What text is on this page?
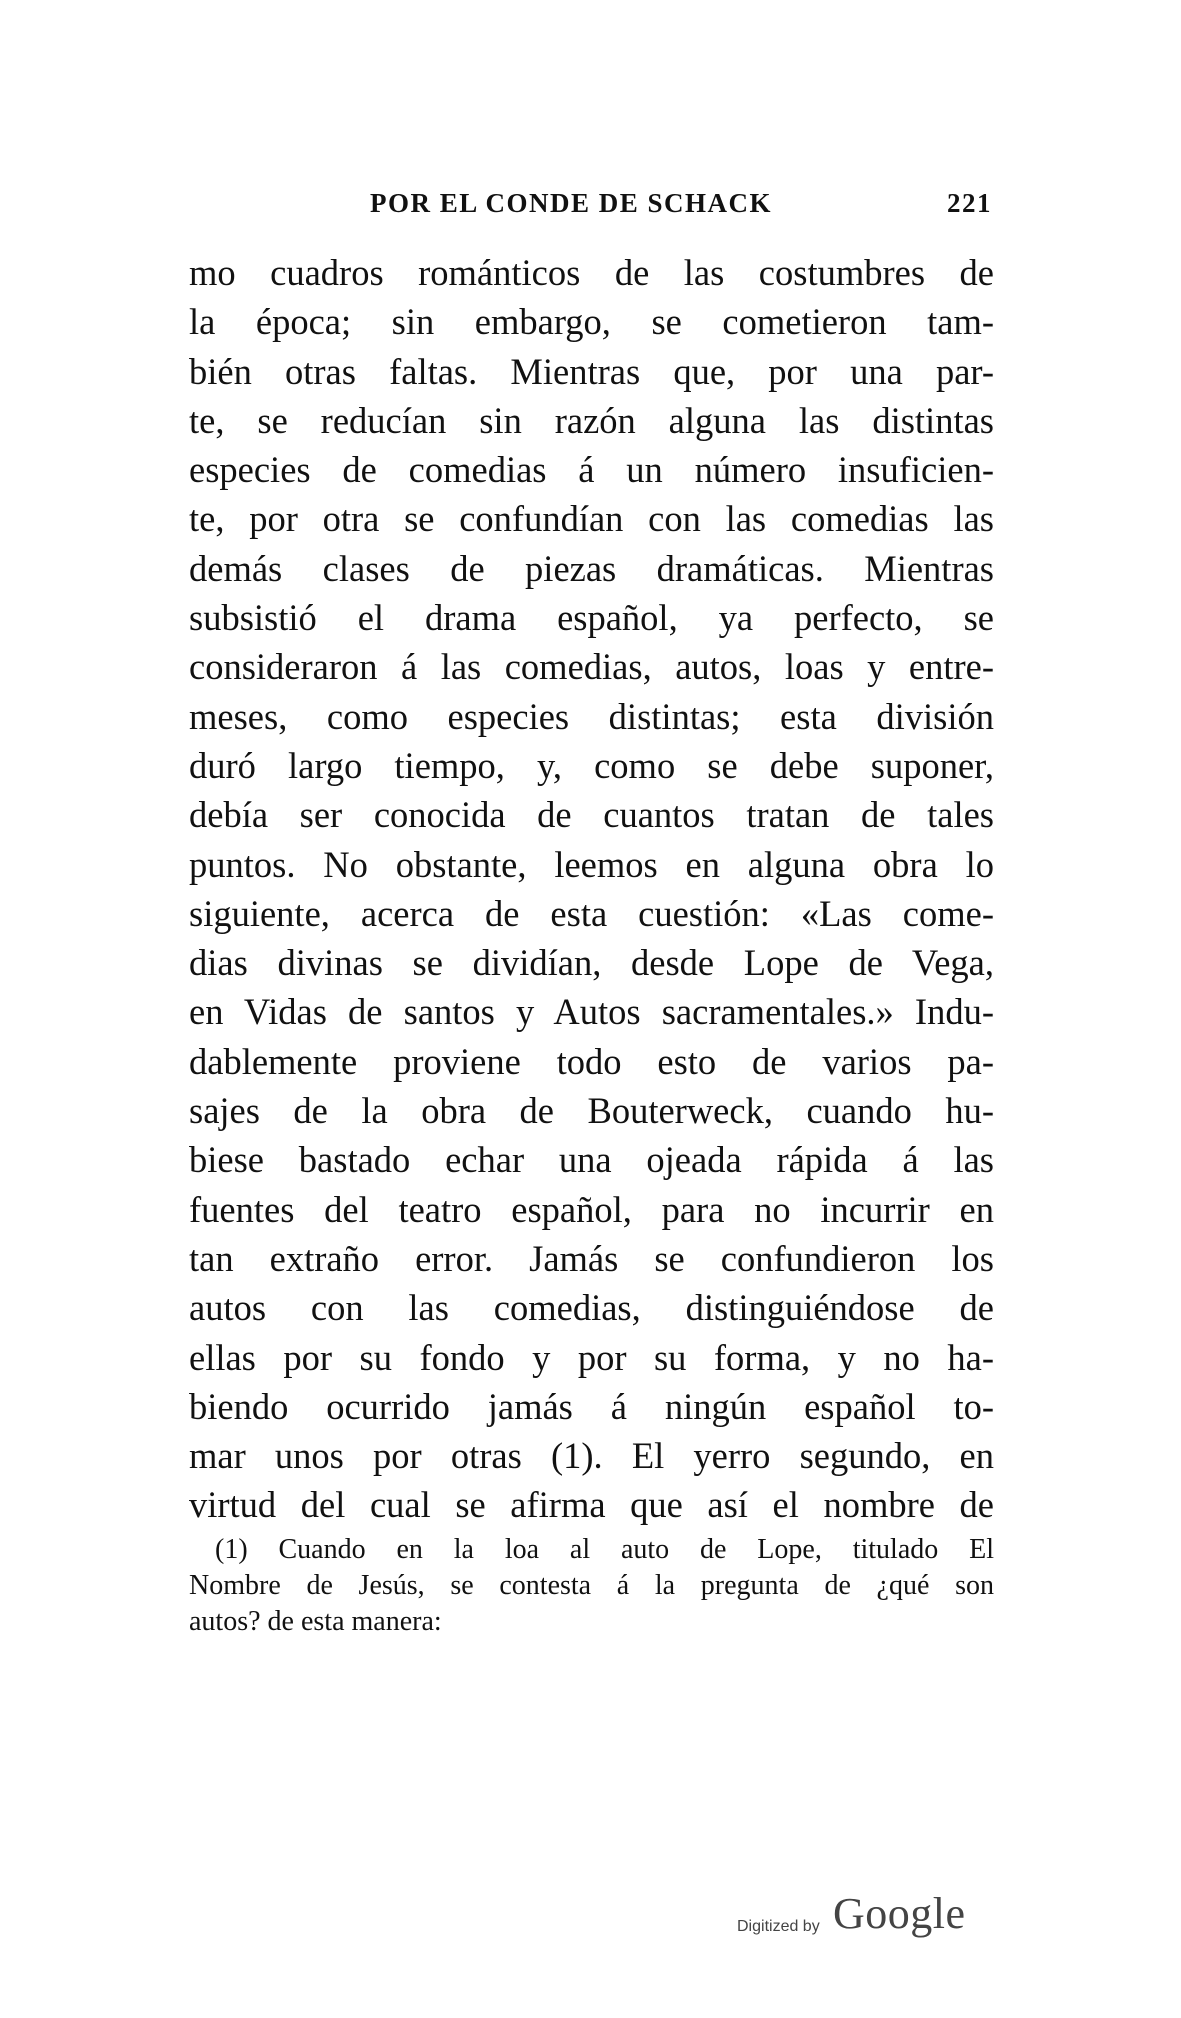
POR EL CONDE DE SCHACK	221
mo cuadros románticos de las costumbres de
la época; sin embargo, se cometieron tam-
bién otras faltas. Mientras que, por una par-
te, se reducían sin razón alguna las distintas
especies de comedias á un número insuficien-
te, por otra se confundían con las comedias las
demás clases de piezas dramáticas. Mientras
subsistió el drama español, ya perfecto, se
consideraron á las comedias, autos, loas y entre-
meses, como especies distintas; esta división
duró largo tiempo, y, como se debe suponer,
debía ser conocida de cuantos tratan de tales
puntos. No obstante, leemos en alguna obra lo
siguiente, acerca de esta cuestión: «Las come-
dias divinas se dividían, desde Lope de Vega,
en Vidas de santos y Autos sacramentales.» Indu-
dablemente proviene todo esto de varios pa-
sajes de la obra de Bouterweck, cuando hu-
biese bastado echar una ojeada rápida á las
fuentes del teatro español, para no incurrir en
tan extraño error. Jamás se confundieron los
autos con las comedias, distinguiéndose de
ellas por su fondo y por su forma, y no ha-
biendo ocurrido jamás á ningún español to-
mar unos por otras (1). El yerro segundo, en
virtud del cual se afirma que así el nombre de
(1) Cuando en la loa al auto de Lope, titulado El
Nombre de Jesús, se contesta á la pregunta de ¿qué son
autos? de esta manera:
Digitized by Google
